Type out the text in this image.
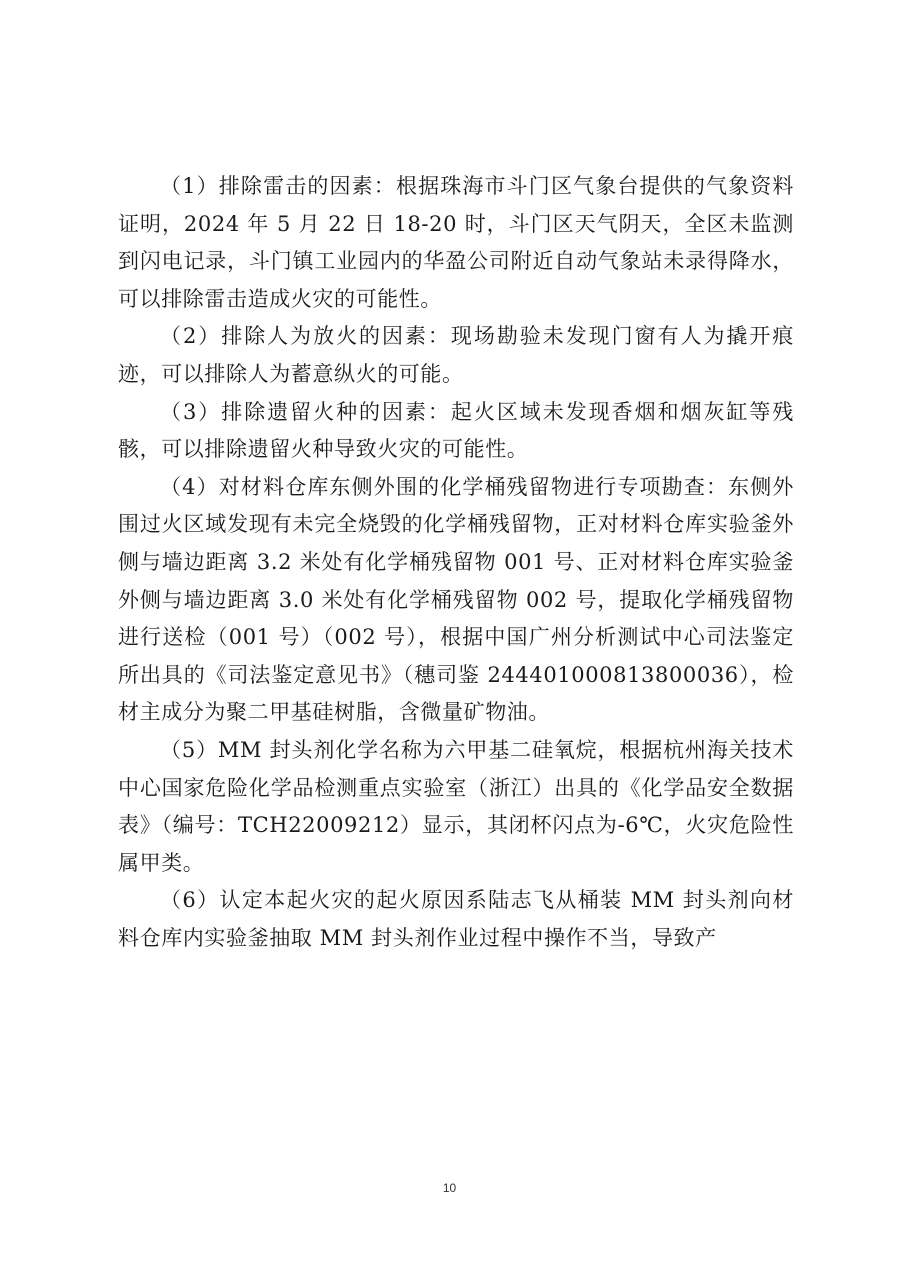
（1）排除雷击的因素：根据珠海市斗门区气象台提供的气象资料证明，2024 年 5 月 22 日 18-20 时，斗门区天气阴天，全区未监测到闪电记录，斗门镇工业园内的华盈公司附近自动气象站未录得降水，可以排除雷击造成火灾的可能性。

（2）排除人为放火的因素：现场勘验未发现门窗有人为撬开痕迹，可以排除人为蓄意纵火的可能。

（3）排除遗留火种的因素：起火区域未发现香烟和烟灰缸等残骸，可以排除遗留火种导致火灾的可能性。

（4）对材料仓库东侧外围的化学桶残留物进行专项勘查：东侧外围过火区域发现有未完全烧毁的化学桶残留物，正对材料仓库实验釜外侧与墙边距离 3.2 米处有化学桶残留物 001 号、正对材料仓库实验釜外侧与墙边距离 3.0 米处有化学桶残留物 002 号，提取化学桶残留物进行送检（001 号）（002 号），根据中国广州分析测试中心司法鉴定所出具的《司法鉴定意见书》（穗司鉴 244401000813800036），检材主成分为聚二甲基硅树脂，含微量矿物油。

（5）MM 封头剂化学名称为六甲基二硅氧烷，根据杭州海关技术中心国家危险化学品检测重点实验室（浙江）出具的《化学品安全数据表》（编号：TCH22009212）显示，其闭杯闪点为-6℃，火灾危险性属甲类。

（6）认定本起火灾的起火原因系陆志飞从桶装 MM 封头剂向材料仓库内实验釜抽取 MM 封头剂作业过程中操作不当，导致产

10
